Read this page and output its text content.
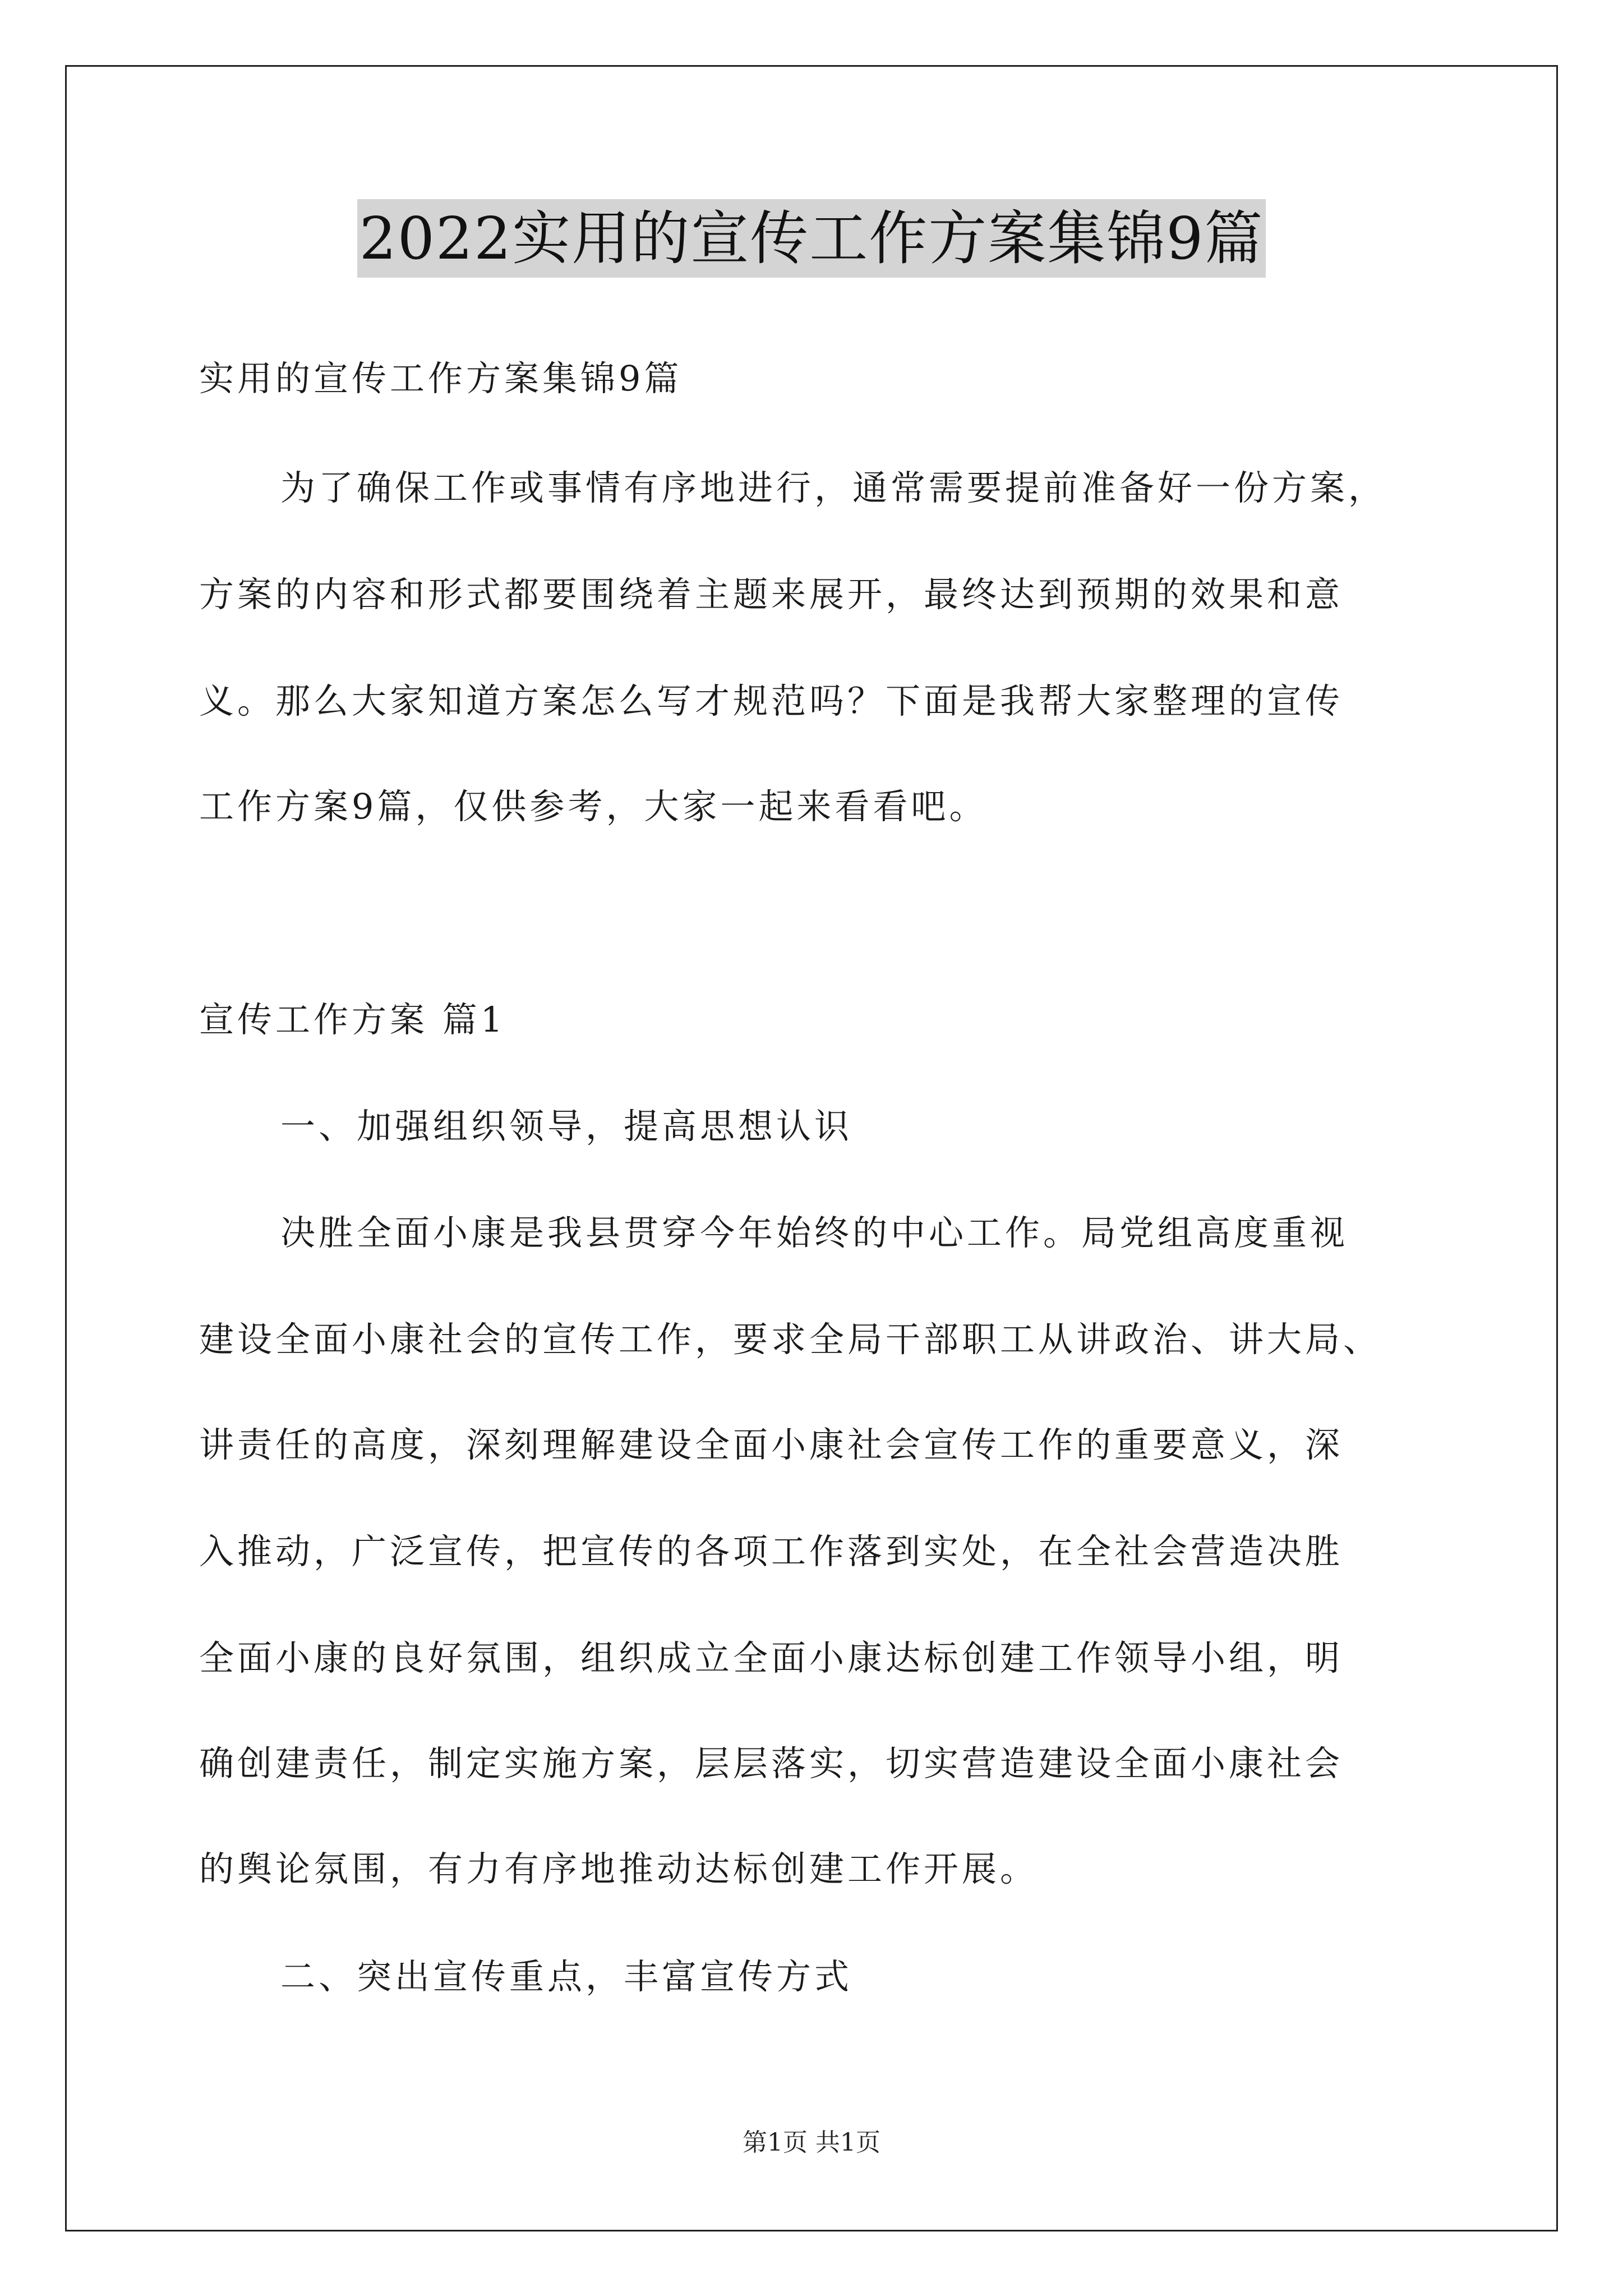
2022实用的宣传工作方案集锦9篇
实用的宣传工作方案集锦9篇
为了确保工作或事情有序地进行，通常需要提前准备好一份方案，
方案的内容和形式都要围绕着主题来展开，最终达到预期的效果和意
义。那么大家知道方案怎么写才规范吗？下面是我帮大家整理的宣传
工作方案9篇，仅供参考，大家一起来看看吧。
宣传工作方案 篇1
一、加强组织领导，提高思想认识
决胜全面小康是我县贯穿今年始终的中心工作。局党组高度重视
建设全面小康社会的宣传工作，要求全局干部职工从讲政治、讲大局、
讲责任的高度，深刻理解建设全面小康社会宣传工作的重要意义，深
入推动，广泛宣传，把宣传的各项工作落到实处，在全社会营造决胜
全面小康的良好氛围，组织成立全面小康达标创建工作领导小组，明
确创建责任，制定实施方案，层层落实，切实营造建设全面小康社会
的舆论氛围，有力有序地推动达标创建工作开展。
二、突出宣传重点，丰富宣传方式
第1页 共1页
